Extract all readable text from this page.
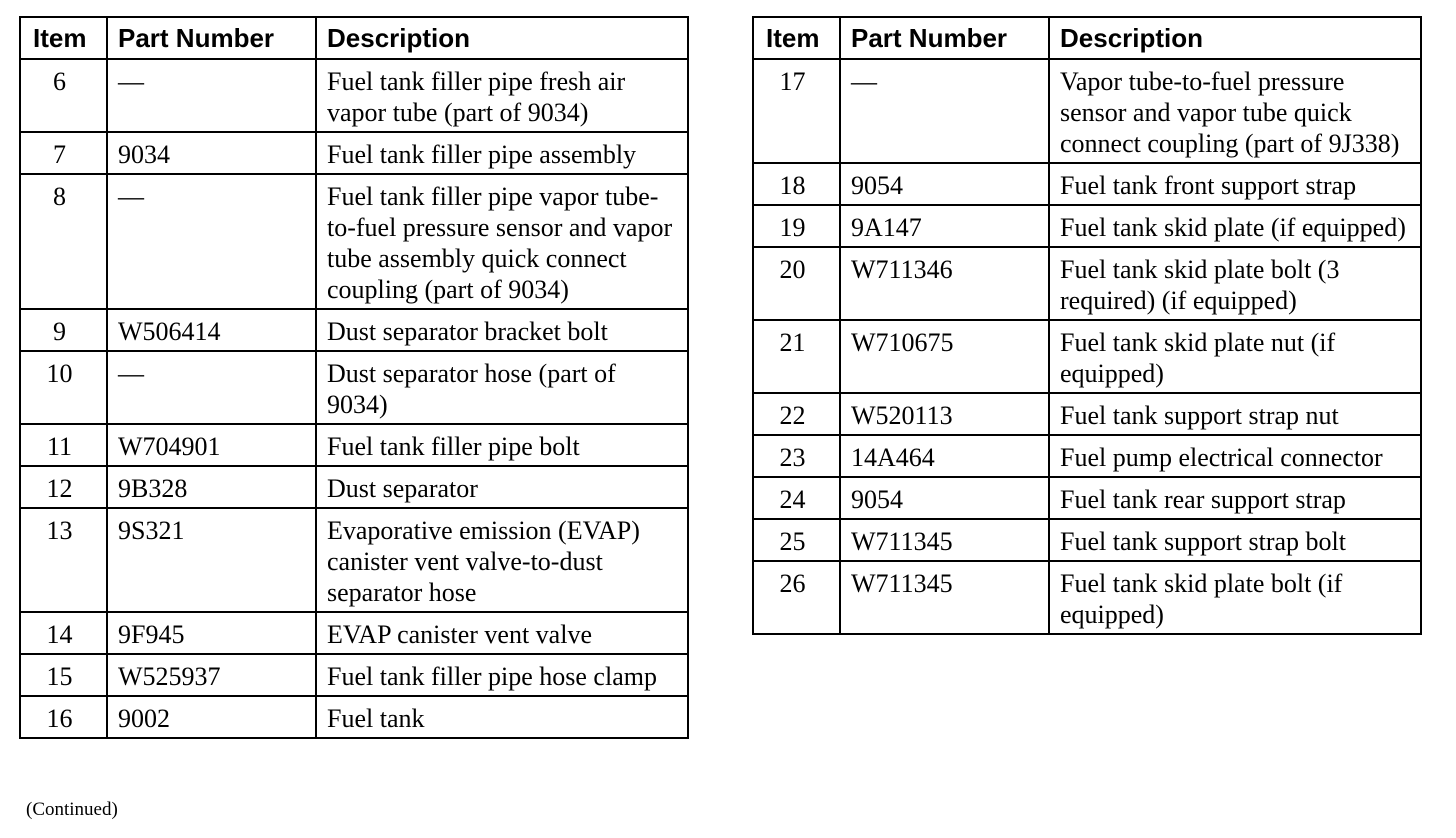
Item	Part Number	Description
6	—	Fuel tank filler pipe fresh air vapor tube (part of 9034)
7	9034	Fuel tank filler pipe assembly
8	—	Fuel tank filler pipe vapor tube-to-fuel pressure sensor and vapor tube assembly quick connect coupling (part of 9034)
9	W506414	Dust separator bracket bolt
10	—	Dust separator hose (part of 9034)
11	W704901	Fuel tank filler pipe bolt
12	9B328	Dust separator
13	9S321	Evaporative emission (EVAP) canister vent valve-to-dust separator hose
14	9F945	EVAP canister vent valve
15	W525937	Fuel tank filler pipe hose clamp
16	9002	Fuel tank
Item	Part Number	Description
17	—	Vapor tube-to-fuel pressure sensor and vapor tube quick connect coupling (part of 9J338)
18	9054	Fuel tank front support strap
19	9A147	Fuel tank skid plate (if equipped)
20	W711346	Fuel tank skid plate bolt (3 required) (if equipped)
21	W710675	Fuel tank skid plate nut (if equipped)
22	W520113	Fuel tank support strap nut
23	14A464	Fuel pump electrical connector
24	9054	Fuel tank rear support strap
25	W711345	Fuel tank support strap bolt
26	W711345	Fuel tank skid plate bolt (if equipped)
(Continued)
